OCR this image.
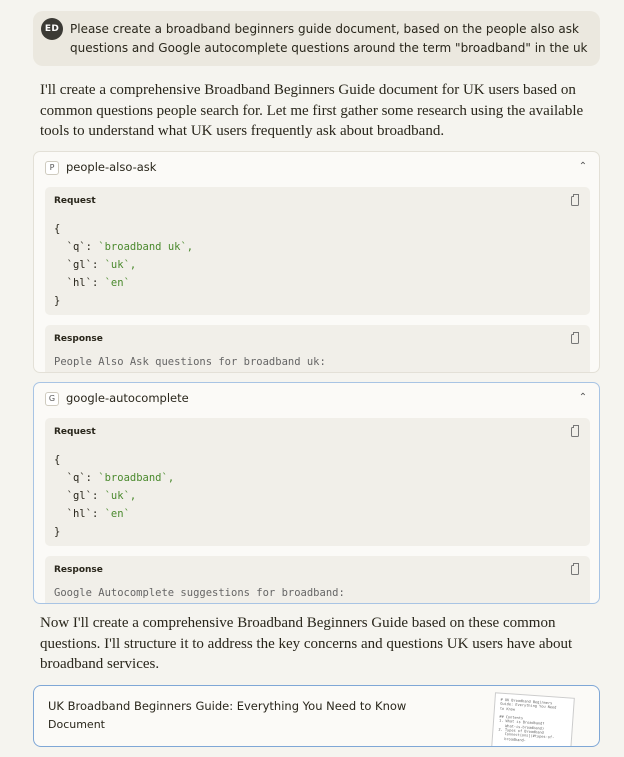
ED Please create a broadband beginners guide document, based on the people also ask questions and Google autocomplete questions around the term "broadband" in the uk
I'll create a comprehensive Broadband Beginners Guide document for UK users based on common questions people search for. Let me first gather some research using the available tools to understand what UK users frequently ask about broadband.
P	people-also-ask	⌃
Request
{
`q`: `broadband uk`,
`gl`: `uk`,
`hl`: `en`
}
Response
People Also Ask questions for broadband uk:
G google-autocomplete	⌃
Request
{
`q`: `broadband`,
`gl`: `uk`,
`hl`: `en`
}
Response
Google Autocomplete suggestions for broadband:
Now I'll create a comprehensive Broadband Beginners Guide based on these common questions. I'll structure it to address the key concerns and questions UK users have about broadband services.
UK Broadband Beginners Guide: Everything You Need to Know
Document
# UK Broadband Beginners
Guide: Everything You Need
to Know

## Contents
1. What is Broadband?
What-is-broadband)
2. Types of Broadband
Connections](#types-of-
broadband-
